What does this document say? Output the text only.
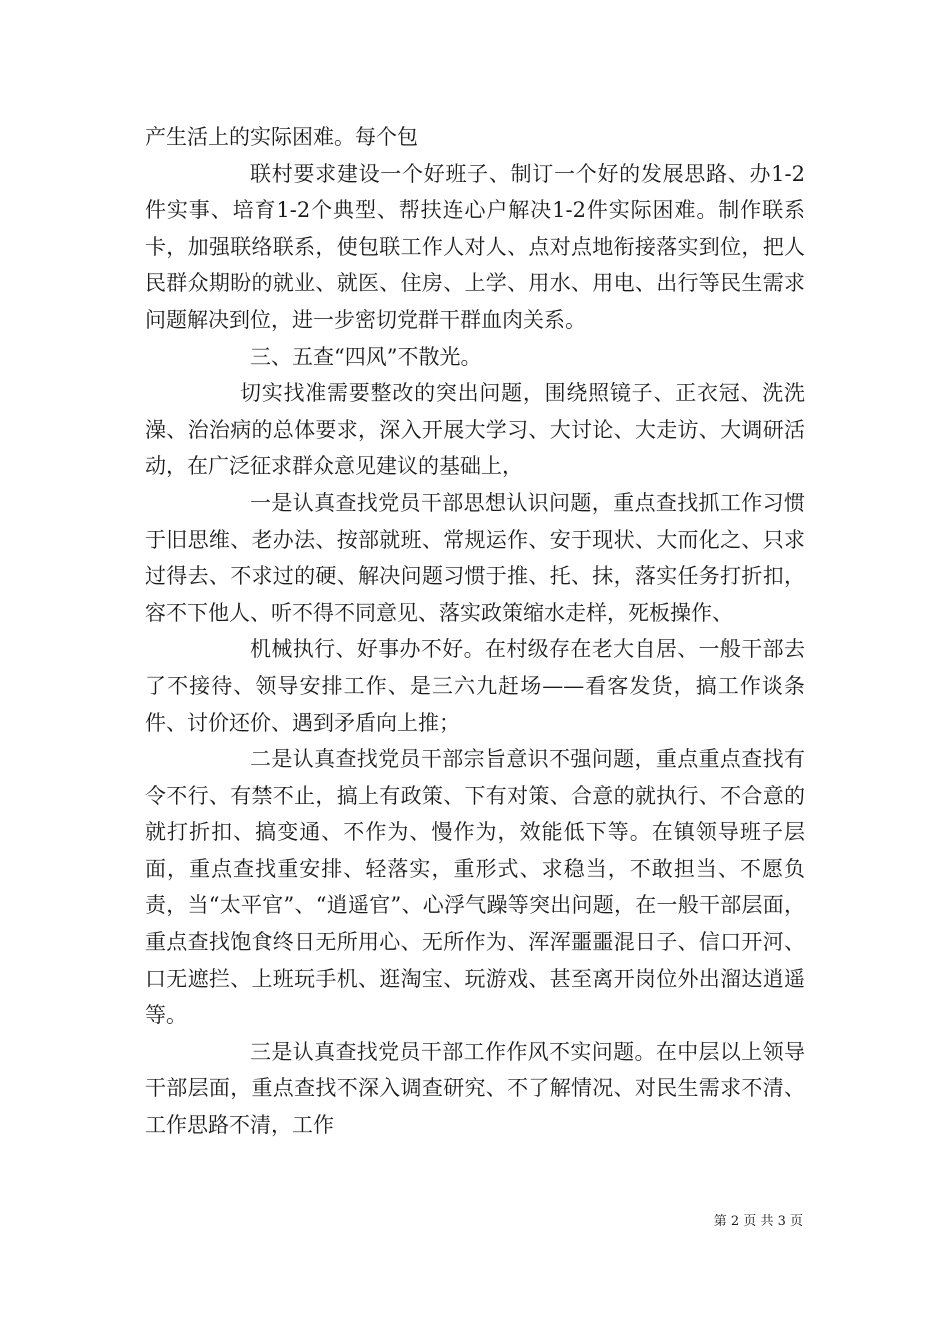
产生活上的实际困难。每个包

联村要求建设一个好班子、制订一个好的发展思路、办1-2件实事、培育1-2个典型、帮扶连心户解决1-2件实际困难。制作联系卡，加强联络联系，使包联工作人对人、点对点地衔接落实到位，把人民群众期盼的就业、就医、住房、上学、用水、用电、出行等民生需求问题解决到位，进一步密切党群干群血肉关系。

三、五查“四风”不散光。

切实找准需要整改的突出问题，围绕照镜子、正衣冠、洗洗澡、治治病的总体要求，深入开展大学习、大讨论、大走访、大调研活动，在广泛征求群众意见建议的基础上，

一是认真查找党员干部思想认识问题，重点查找抓工作习惯于旧思维、老办法、按部就班、常规运作、安于现状、大而化之、只求过得去、不求过的硬、解决问题习惯于推、托、抹，落实任务打折扣，容不下他人、听不得不同意见、落实政策缩水走样，死板操作、

机械执行、好事办不好。在村级存在老大自居、一般干部去了不接待、领导安排工作、是三六九赶场——看客发货，搞工作谈条件、讨价还价、遇到矛盾向上推；

二是认真查找党员干部宗旨意识不强问题，重点重点查找有令不行、有禁不止，搞上有政策、下有对策、合意的就执行、不合意的就打折扣、搞变通、不作为、慢作为，效能低下等。在镇领导班子层面，重点查找重安排、轻落实，重形式、求稳当，不敢担当、不愿负责，当“太平官”、“逍遥官”、心浮气躁等突出问题，在一般干部层面，重点查找饱食终日无所用心、无所作为、浑浑噩噩混日子、信口开河、口无遮拦、上班玩手机、逛淘宝、玩游戏、甚至离开岗位外出溜达逍遥等。

三是认真查找党员干部工作作风不实问题。在中层以上领导干部层面，重点查找不深入调查研究、不了解情况、对民生需求不清、工作思路不清，工作

第 2 页 共 3 页
